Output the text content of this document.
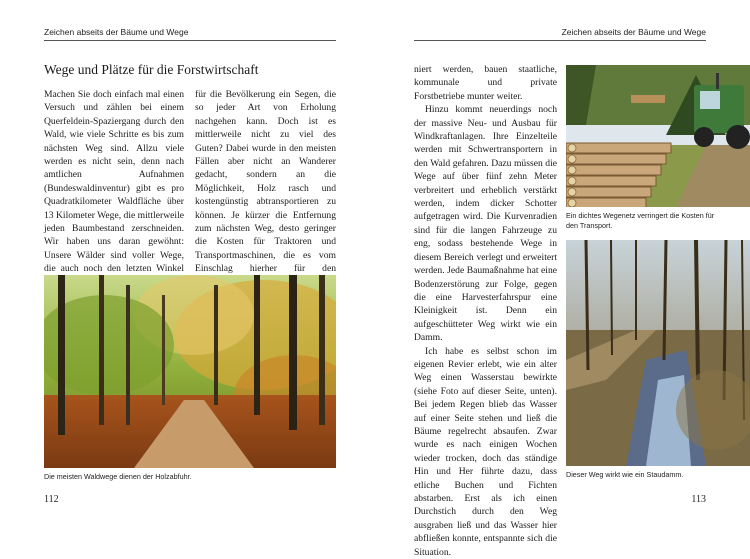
Zeichen abseits der Bäume und Wege
Wege und Plätze für die Forstwirtschaft

Machen Sie doch einfach mal einen Versuch und zählen bei einem Querfeldein-Spaziergang durch den Wald, wie viele Schritte es bis zum nächsten Weg sind. Allzu viele werden es nicht sein, denn nach amtlichen Aufnahmen (Bundeswaldinventur) gibt es pro Quadratkilometer Waldfläche über 13 Kilometer Wege, die mittlerweile jeden Baumbestand zerschneiden. Wir haben uns daran gewöhnt: Unsere Wälder sind voller Wege, die auch noch den letzten Winkel

für die Bevölkerung ein Segen, die so jeder Art von Erholung nachgehen kann. Doch ist es mittlerweile nicht zu viel des Guten? Dabei wurde in den meisten Fällen aber nicht an Wanderer gedacht, sondern an die Möglichkeit, Holz rasch und kostengünstig abtransportieren zu können. Je kürzer die Entfernung zum nächsten Weg, desto geringer die Kosten für Traktoren und Transportmaschinen, die es vom Einschlag hierher für den

Die meisten Waldwege dienen der Holzabfuhr.
112
Zeichen abseits der Bäume und Wege

niert werden, bauen staatliche, kommunale und private Forstbetriebe munter weiter.

Hinzu kommt neuerdings noch der massive Neu- und Ausbau für Windkraftanlagen. Ihre Einzelteile werden mit Schwertransportern in den Wald gefahren. Dazu müssen die Wege auf über fünf zehn Meter verbreitert und erheblich verstärkt werden, indem dicker Schotter aufgetragen wird. Die Kurvenradien sind für die langen Fahrzeuge zu eng, sodass bestehende Wege in diesem Bereich verlegt und erweitert werden. Jede Baumaßnahme hat eine Bodenzerstörung zur Folge, gegen die eine Harvesterfahrspur eine Kleinigkeit ist. Denn ein aufgeschütteter Weg wirkt wie ein Damm.

Ich habe es selbst schon im eigenen Revier erlebt, wie ein alter Weg einen Wasserstau bewirkte (siehe Foto auf dieser Seite, unten). Bei jedem Regen blieb das Wasser auf einer Seite stehen und ließ die Bäume regelrecht absaufen. Zwar wurde es nach einigen Wochen wieder trocken, doch das ständige Hin und Her führte dazu, dass etliche Buchen und Fichten abstarben. Erst als ich einen Durchstich durch den Weg ausgraben ließ und das Wasser hier abfließen konnte, entspannte sich die Situation.

Ein dichtes Wegenetz verringert die Kosten für den Transport.
Dieser Weg wirkt wie ein Staudamm.
113
